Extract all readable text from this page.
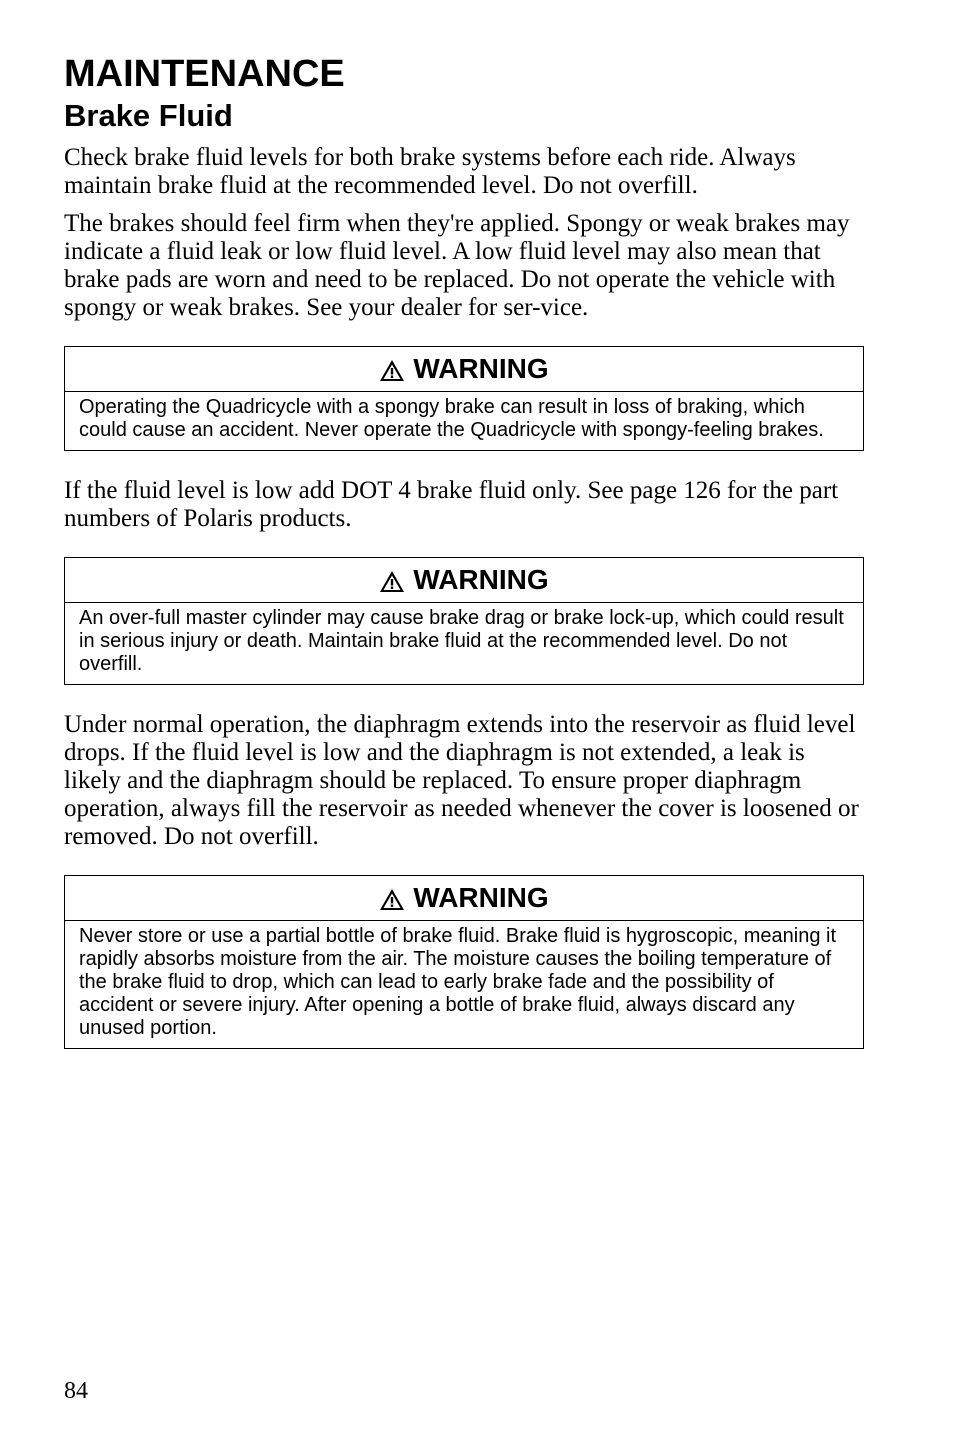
MAINTENANCE
Brake Fluid

Check brake fluid levels for both brake systems before each ride. Always maintain brake fluid at the recommended level. Do not overfill.

The brakes should feel firm when they're applied. Spongy or weak brakes may indicate a fluid leak or low fluid level. A low fluid level may also mean that brake pads are worn and need to be replaced. Do not operate the vehicle with spongy or weak brakes. See your dealer for ser-vice.

WARNING
Operating the Quadricycle with a spongy brake can result in loss of braking, which could cause an accident. Never operate the Quadricycle with spongy-feeling brakes.

If the fluid level is low add DOT 4 brake fluid only. See page 126 for the part numbers of Polaris products.

WARNING
An over-full master cylinder may cause brake drag or brake lock-up, which could result in serious injury or death. Maintain brake fluid at the recommended level. Do not overfill.

Under normal operation, the diaphragm extends into the reservoir as fluid level drops. If the fluid level is low and the diaphragm is not extended, a leak is likely and the diaphragm should be replaced. To ensure proper diaphragm operation, always fill the reservoir as needed whenever the cover is loosened or removed. Do not overfill.

WARNING
Never store or use a partial bottle of brake fluid. Brake fluid is hygroscopic, meaning it rapidly absorbs moisture from the air. The moisture causes the boiling temperature of the brake fluid to drop, which can lead to early brake fade and the possibility of accident or severe injury. After opening a bottle of brake fluid, always discard any unused portion.
84
